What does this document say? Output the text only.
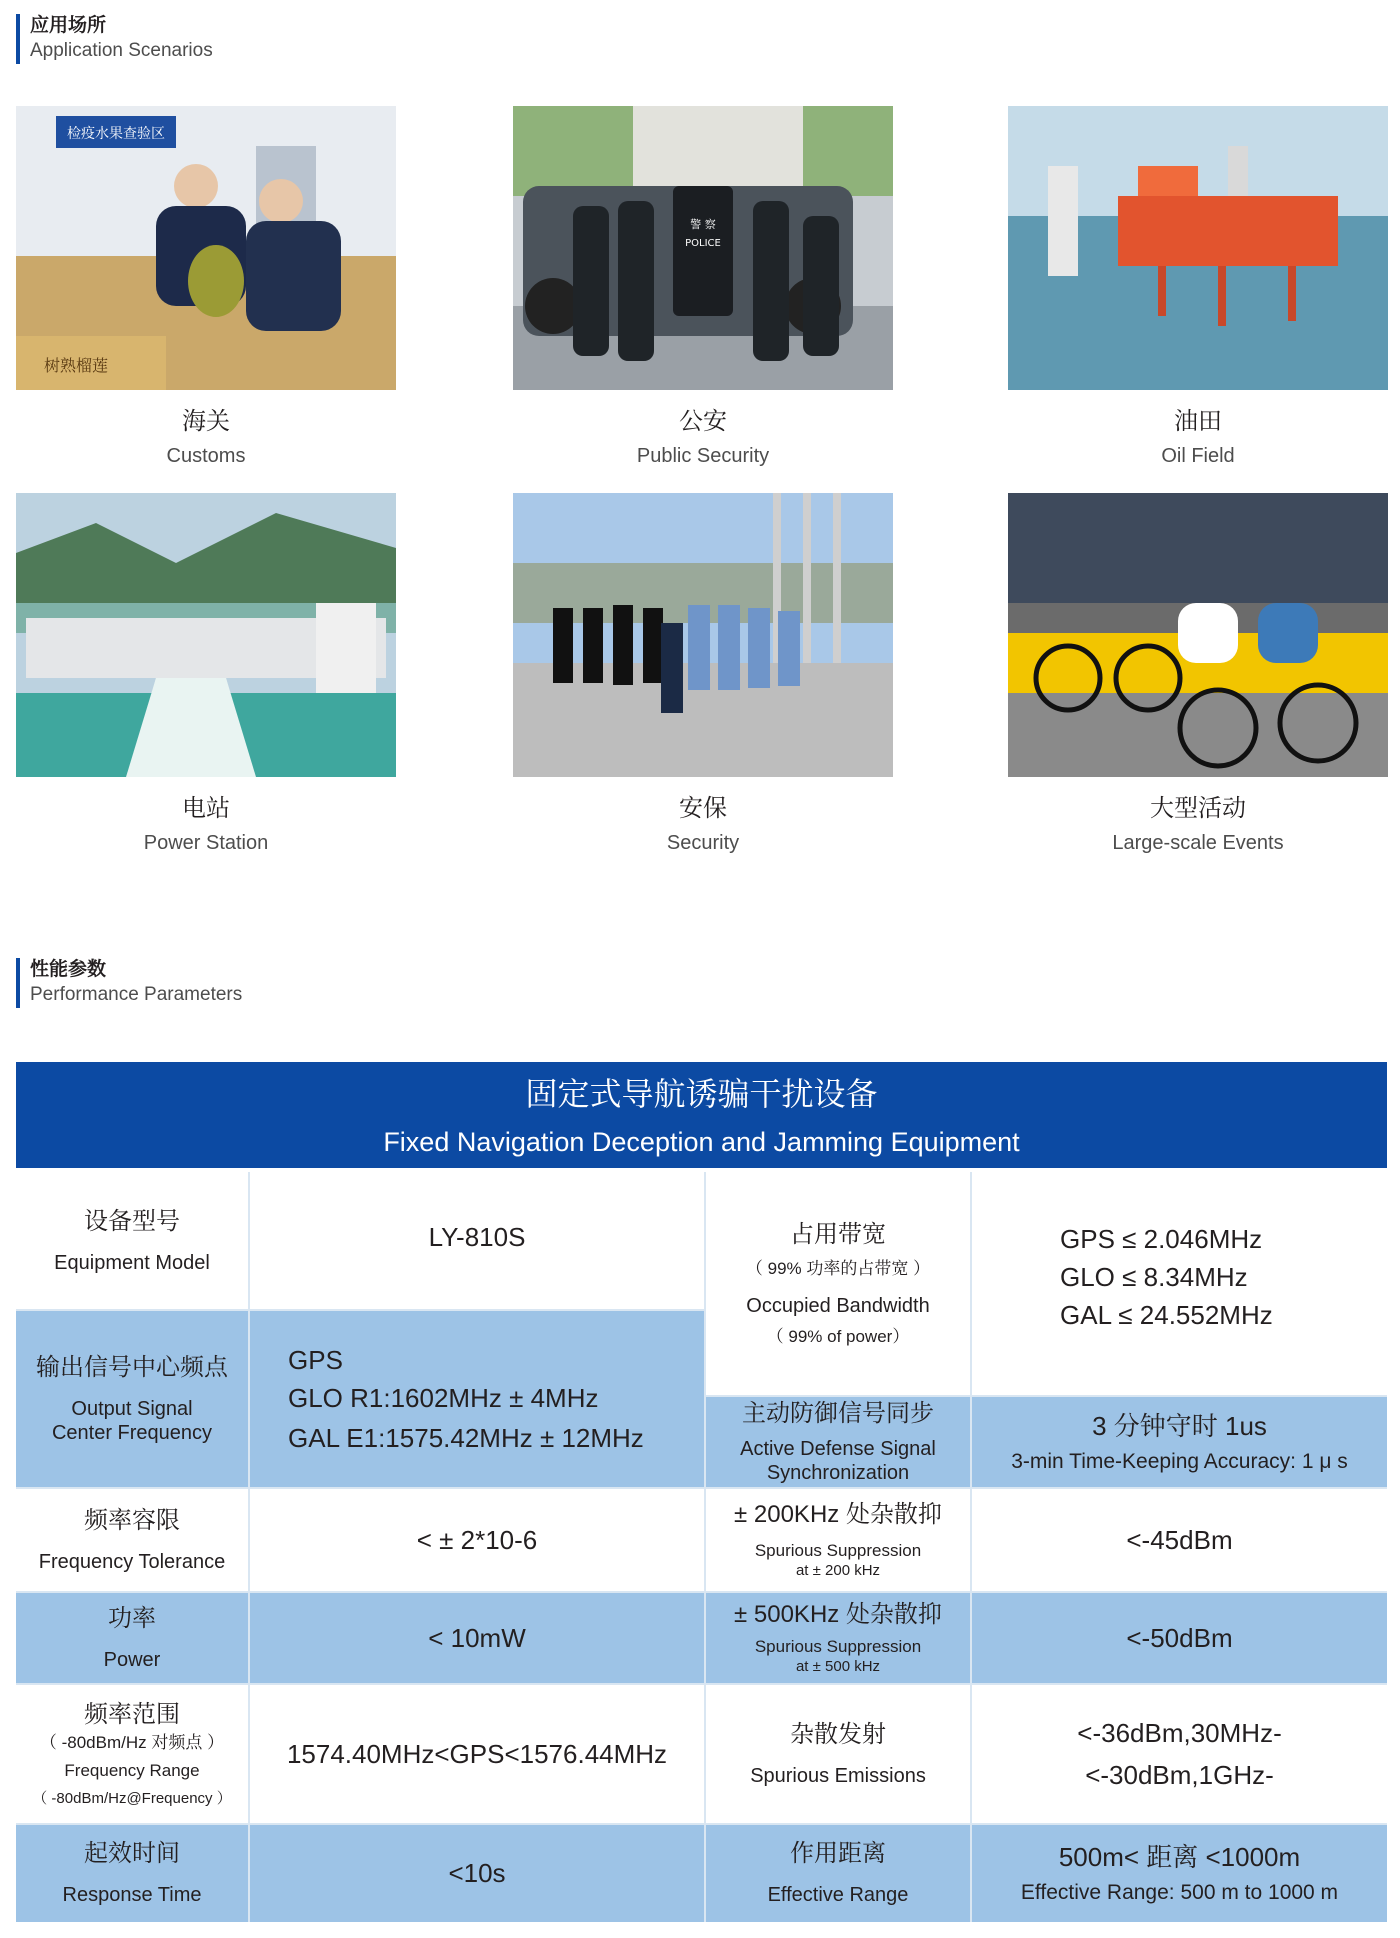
应用场所
Application Scenarios
检疫水果查验区
树熟榴莲
海关
Customs
警 察
POLICE
公安
Public Security
油田
Oil Field
电站
Power Station
安保
Security
大型活动
Large-scale Events
性能参数
Performance Parameters
固定式导航诱骗干扰设备
Fixed Navigation Deception and Jamming Equipment
设备型号
Equipment Model
LY-810S	占用带宽
（ 99% 功率的占带宽 ）
Occupied Bandwidth
（ 99% of power）
GPS ≤ 2.046MHz
GLO ≤ 8.34MHz
GAL ≤ 24.552MHz
输出信号中心频点
Output Signal
Center Frequency
GPS
GLO R1:1602MHz ± 4MHz
GAL E1:1575.42MHz ± 12MHz
主动防御信号同步
Active Defense Signal
Synchronization
3 分钟守时 1us
3-min Time-Keeping Accuracy: 1 μ s
频率容限
Frequency Tolerance
< ± 2*10-6
± 200KHz 处杂散抑
Spurious Suppression
at ± 200 kHz
<-45dBm
功率
Power
< 10mW
± 500KHz 处杂散抑
Spurious Suppression
at ± 500 kHz
<-50dBm
频率范围
（ -80dBm/Hz 对频点 ）
Frequency Range
（ -80dBm/Hz@Frequency ）
1574.40MHz<GPS<1576.44MHz
杂散发射
Spurious Emissions
<-36dBm,30MHz-
<-30dBm,1GHz-
起效时间
Response Time
<10s
作用距离
Effective Range
500m< 距离 <1000m
Effective Range: 500 m to 1000 m
